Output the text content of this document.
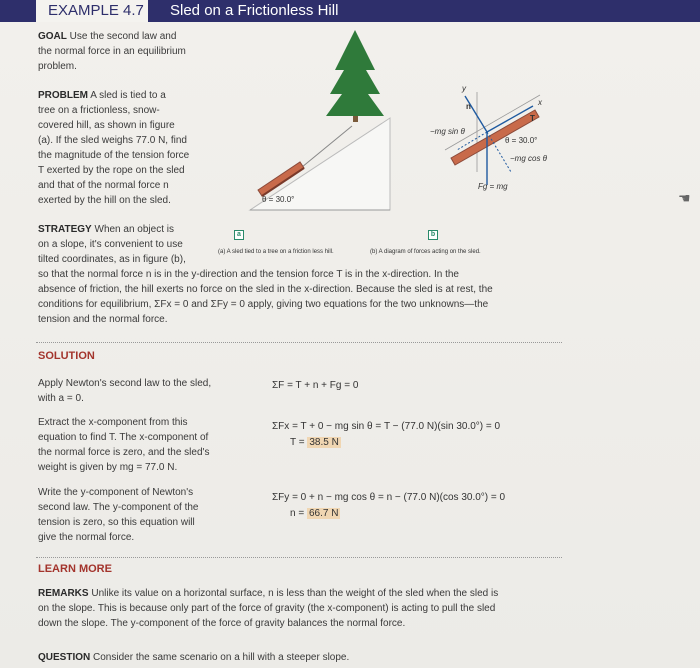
EXAMPLE 4.7 Sled on a Frictionless Hill
GOAL Use the second law and
the normal force in an equilibrium
problem.
PROBLEM A sled is tied to a
tree on a frictionless, snow-
covered hill, as shown in figure
(a). If the sled weighs 77.0 N, find
the magnitude of the tension force
T exerted by the rope on the sled
and that of the normal force n
exerted by the hill on the sled.	θ = 30.0°
y
x
n
T
−mg sin θ
θ = 30.0°
−mg cos θ
Fg = mg
a	b
(a) A sled tied to a tree on a friction less hill.	(b) A diagram of forces acting on the sled.
STRATEGY When an object is
on a slope, it's convenient to use
tilted coordinates, as in figure (b),
so that the normal force n is in the y-direction and the tension force T is in the x-direction. In the
absence of friction, the hill exerts no force on the sled in the x-direction. Because the sled is at rest, the
conditions for equilibrium, ΣFx = 0 and ΣFy = 0 apply, giving two equations for the two unknowns—the
tension and the normal force.
SOLUTION
Apply Newton's second law to the sled,
with a = 0.
ΣF = T + n + Fg = 0
Extract the x-component from this
equation to find T. The x-component of
the normal force is zero, and the sled's
weight is given by mg = 77.0 N.
ΣFx = T + 0 − mg sin θ = T − (77.0 N)(sin 30.0°) = 0
T = 38.5 N
Write the y-component of Newton's
second law. The y-component of the
tension is zero, so this equation will
give the normal force.
ΣFy = 0 + n − mg cos θ = n − (77.0 N)(cos 30.0°) = 0
n = 66.7 N
LEARN MORE
REMARKS Unlike its value on a horizontal surface, n is less than the weight of the sled when the sled is
on the slope. This is because only part of the force of gravity (the x-component) is acting to pull the sled
down the slope. The y-component of the force of gravity balances the normal force.
QUESTION Consider the same scenario on a hill with a steeper slope.
☚
